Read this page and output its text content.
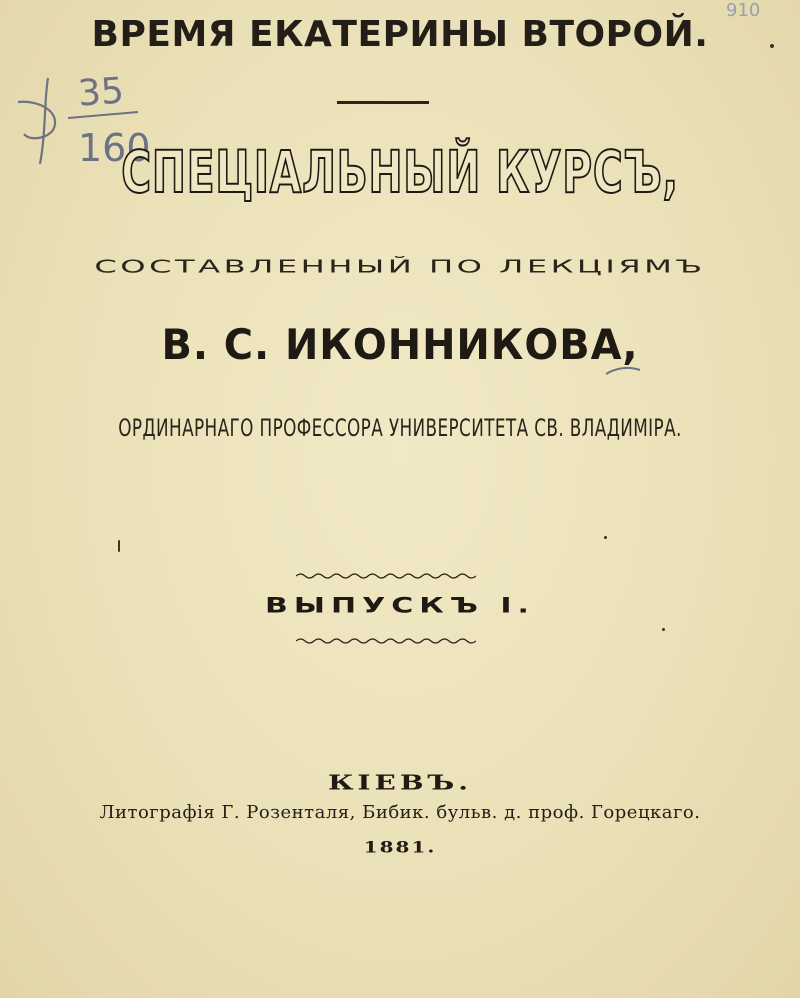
ВРЕМЯ ЕКАТЕРИНЫ ВТОРОЙ.
35
160
910
СПЕЦІАЛЬНЫЙ КУРСЪ,
СОСТАВЛЕННЫЙ ПО ЛЕКЦІЯМЪ
В. С. ИКОННИКОВА,
ОРДИНАРНАГО ПРОФЕССОРА УНИВЕРСИТЕТА СВ. ВЛАДИМІРА.
ВЫПУСКЪ I.
КІЕВЪ.
Литографія Г. Розенталя, Бибик. бульв. д. проф. Горецкаго.
1881.
